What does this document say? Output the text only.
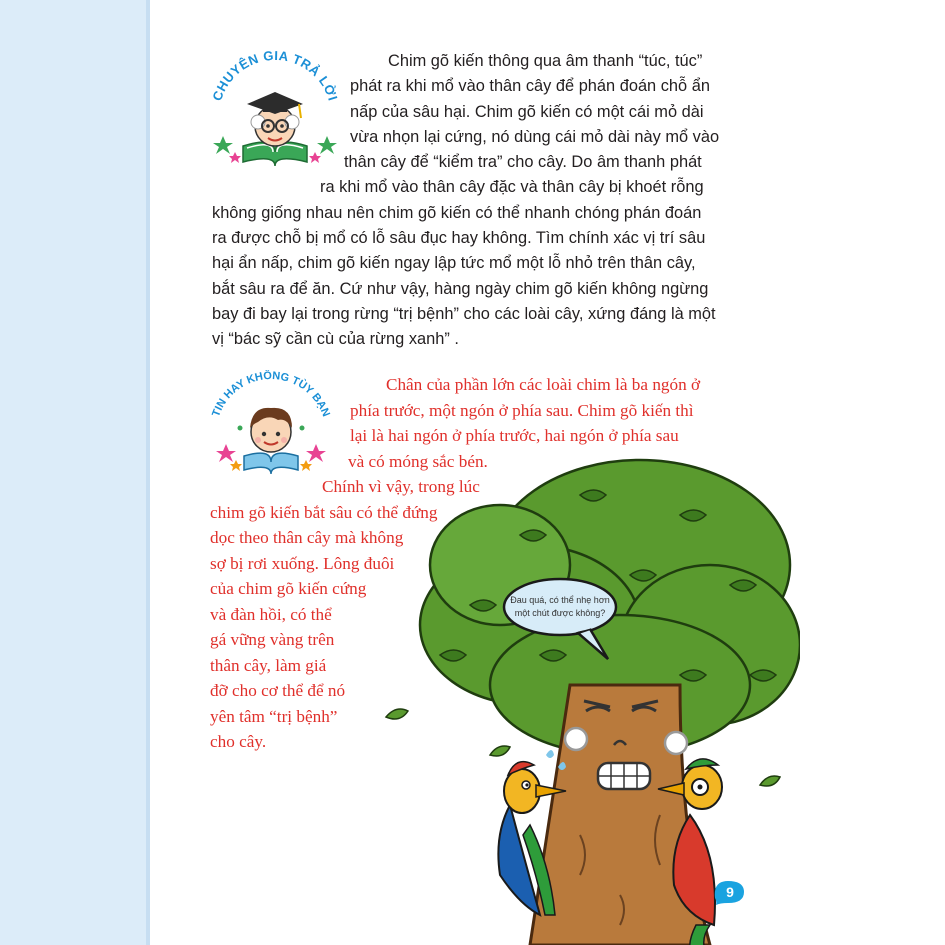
CHUYÊN GIA TRẢ LỜI

Chim gõ kiến thông qua âm thanh “túc, túc”
phát ra khi mổ vào thân cây để phán đoán chỗ ẩn
nấp của sâu hại. Chim gõ kiến có một cái mỏ dài
vừa nhọn lại cứng, nó dùng cái mỏ dài này mổ vào
thân cây để “kiểm tra” cho cây. Do âm thanh phát
ra khi mổ vào thân cây đặc và thân cây bị khoét rỗng
không giống nhau nên chim gõ kiến có thể nhanh chóng phán đoán
ra được chỗ bị mổ có lỗ sâu đục hay không. Tìm chính xác vị trí sâu
hại ẩn nấp, chim gõ kiến ngay lập tức mổ một lỗ nhỏ trên thân cây,
bắt sâu ra để ăn. Cứ như vậy, hàng ngày chim gõ kiến không ngừng
bay đi bay lại trong rừng “trị bệnh” cho các loài cây, xứng đáng là một
vị “bác sỹ cần cù của rừng xanh” .

TIN HAY KHÔNG TÙY BẠN

Chân của phần lớn các loài chim là ba ngón ở
phía trước, một ngón ở phía sau. Chim gõ kiến thì
lại là hai ngón ở phía trước, hai ngón ở phía sau
và có móng sắc bén.
Chính vì vậy, trong lúc
chim gõ kiến bắt sâu có thể đứng
dọc theo thân cây mà không
sợ bị rơi xuống. Lông đuôi
của chim gõ kiến cứng
và đàn hồi, có thể
gá vững vàng trên
thân cây, làm giá
đỡ cho cơ thể để nó
yên tâm “trị bệnh”
cho cây.

Đau quá, có thể nhẹ hơn
một chút được không?
9
